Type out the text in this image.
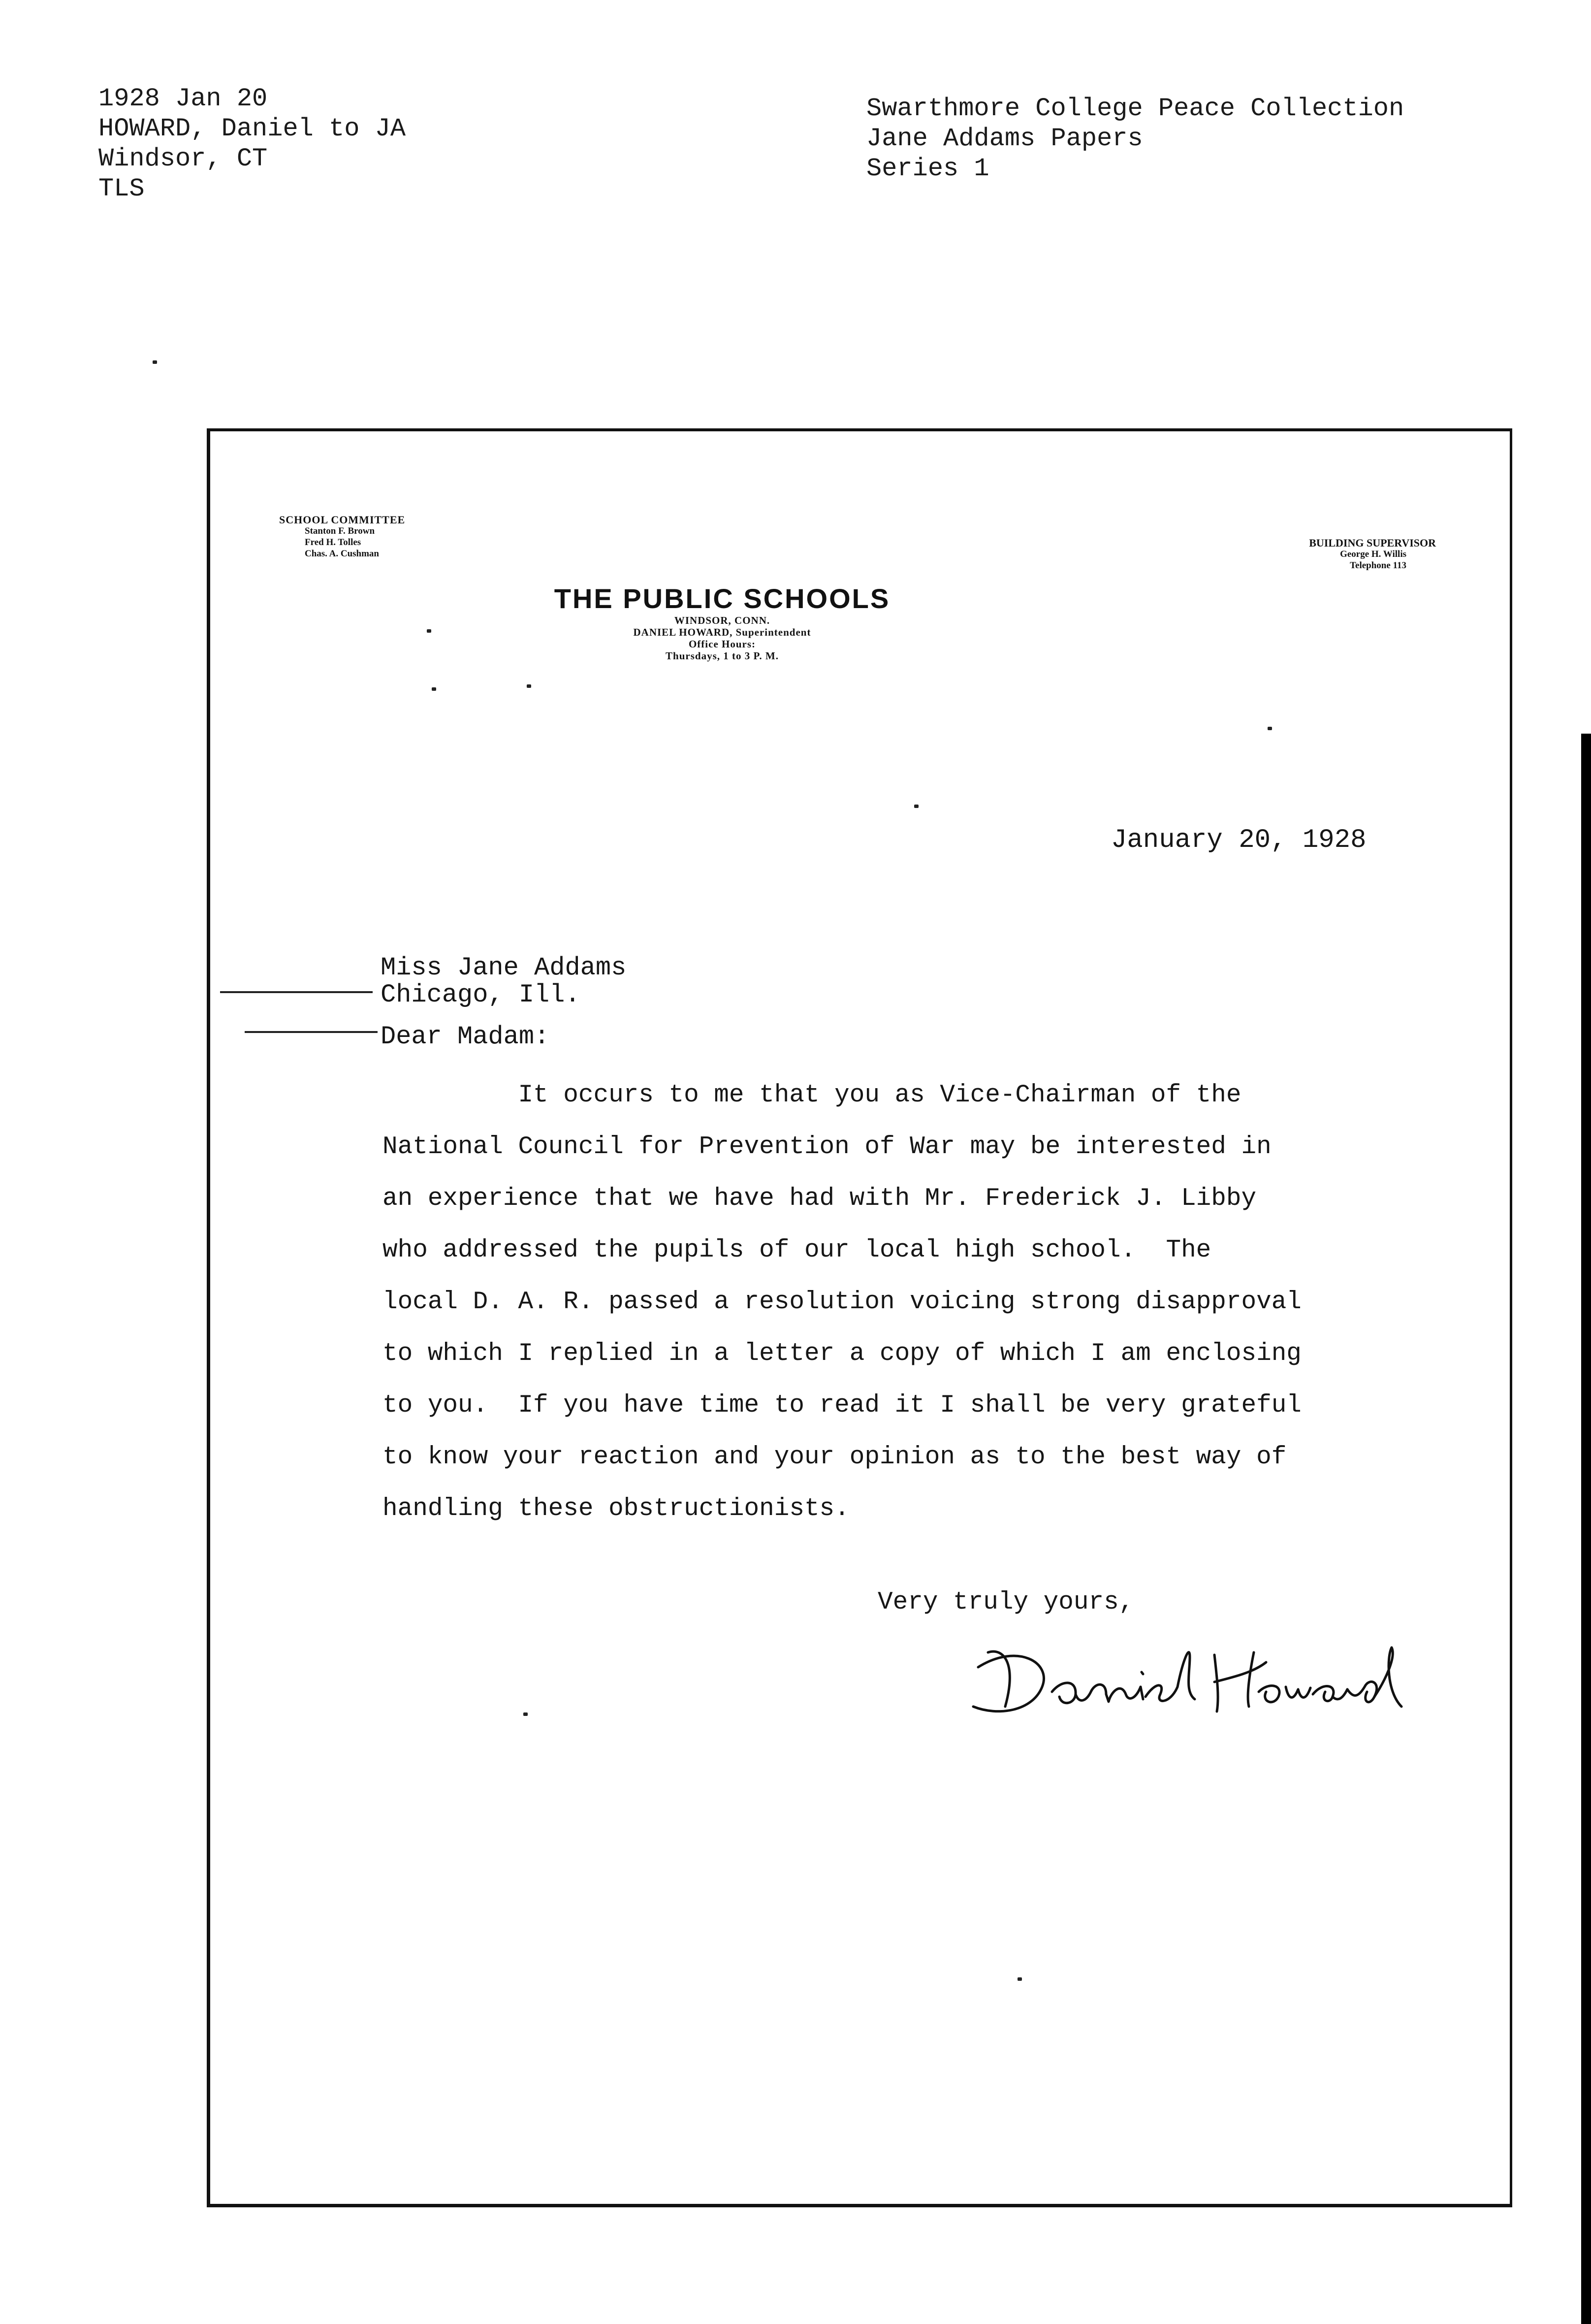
1928 Jan 20
HOWARD, Daniel to JA
Windsor, CT
TLS
Swarthmore College Peace Collection
Jane Addams Papers
Series 1
SCHOOL COMMITTEE
Stanton F. Brown
Fred H. Tolles
Chas. A. Cushman
BUILDING SUPERVISOR
George H. Willis
Telephone 113
THE PUBLIC SCHOOLS
WINDSOR, CONN.
DANIEL HOWARD, Superintendent
Office Hours:
Thursdays, 1 to 3 P. M.
January 20, 1928
Miss Jane Addams
Chicago, Ill.
Dear Madam:
It occurs to me that you as Vice-Chairman of the
National Council for Prevention of War may be interested in
an experience that we have had with Mr. Frederick J. Libby
who addressed the pupils of our local high school.  The
local D. A. R. passed a resolution voicing strong disapproval
to which I replied in a letter a copy of which I am enclosing
to you.  If you have time to read it I shall be very grateful
to know your reaction and your opinion as to the best way of
handling these obstructionists.
Very truly yours,
